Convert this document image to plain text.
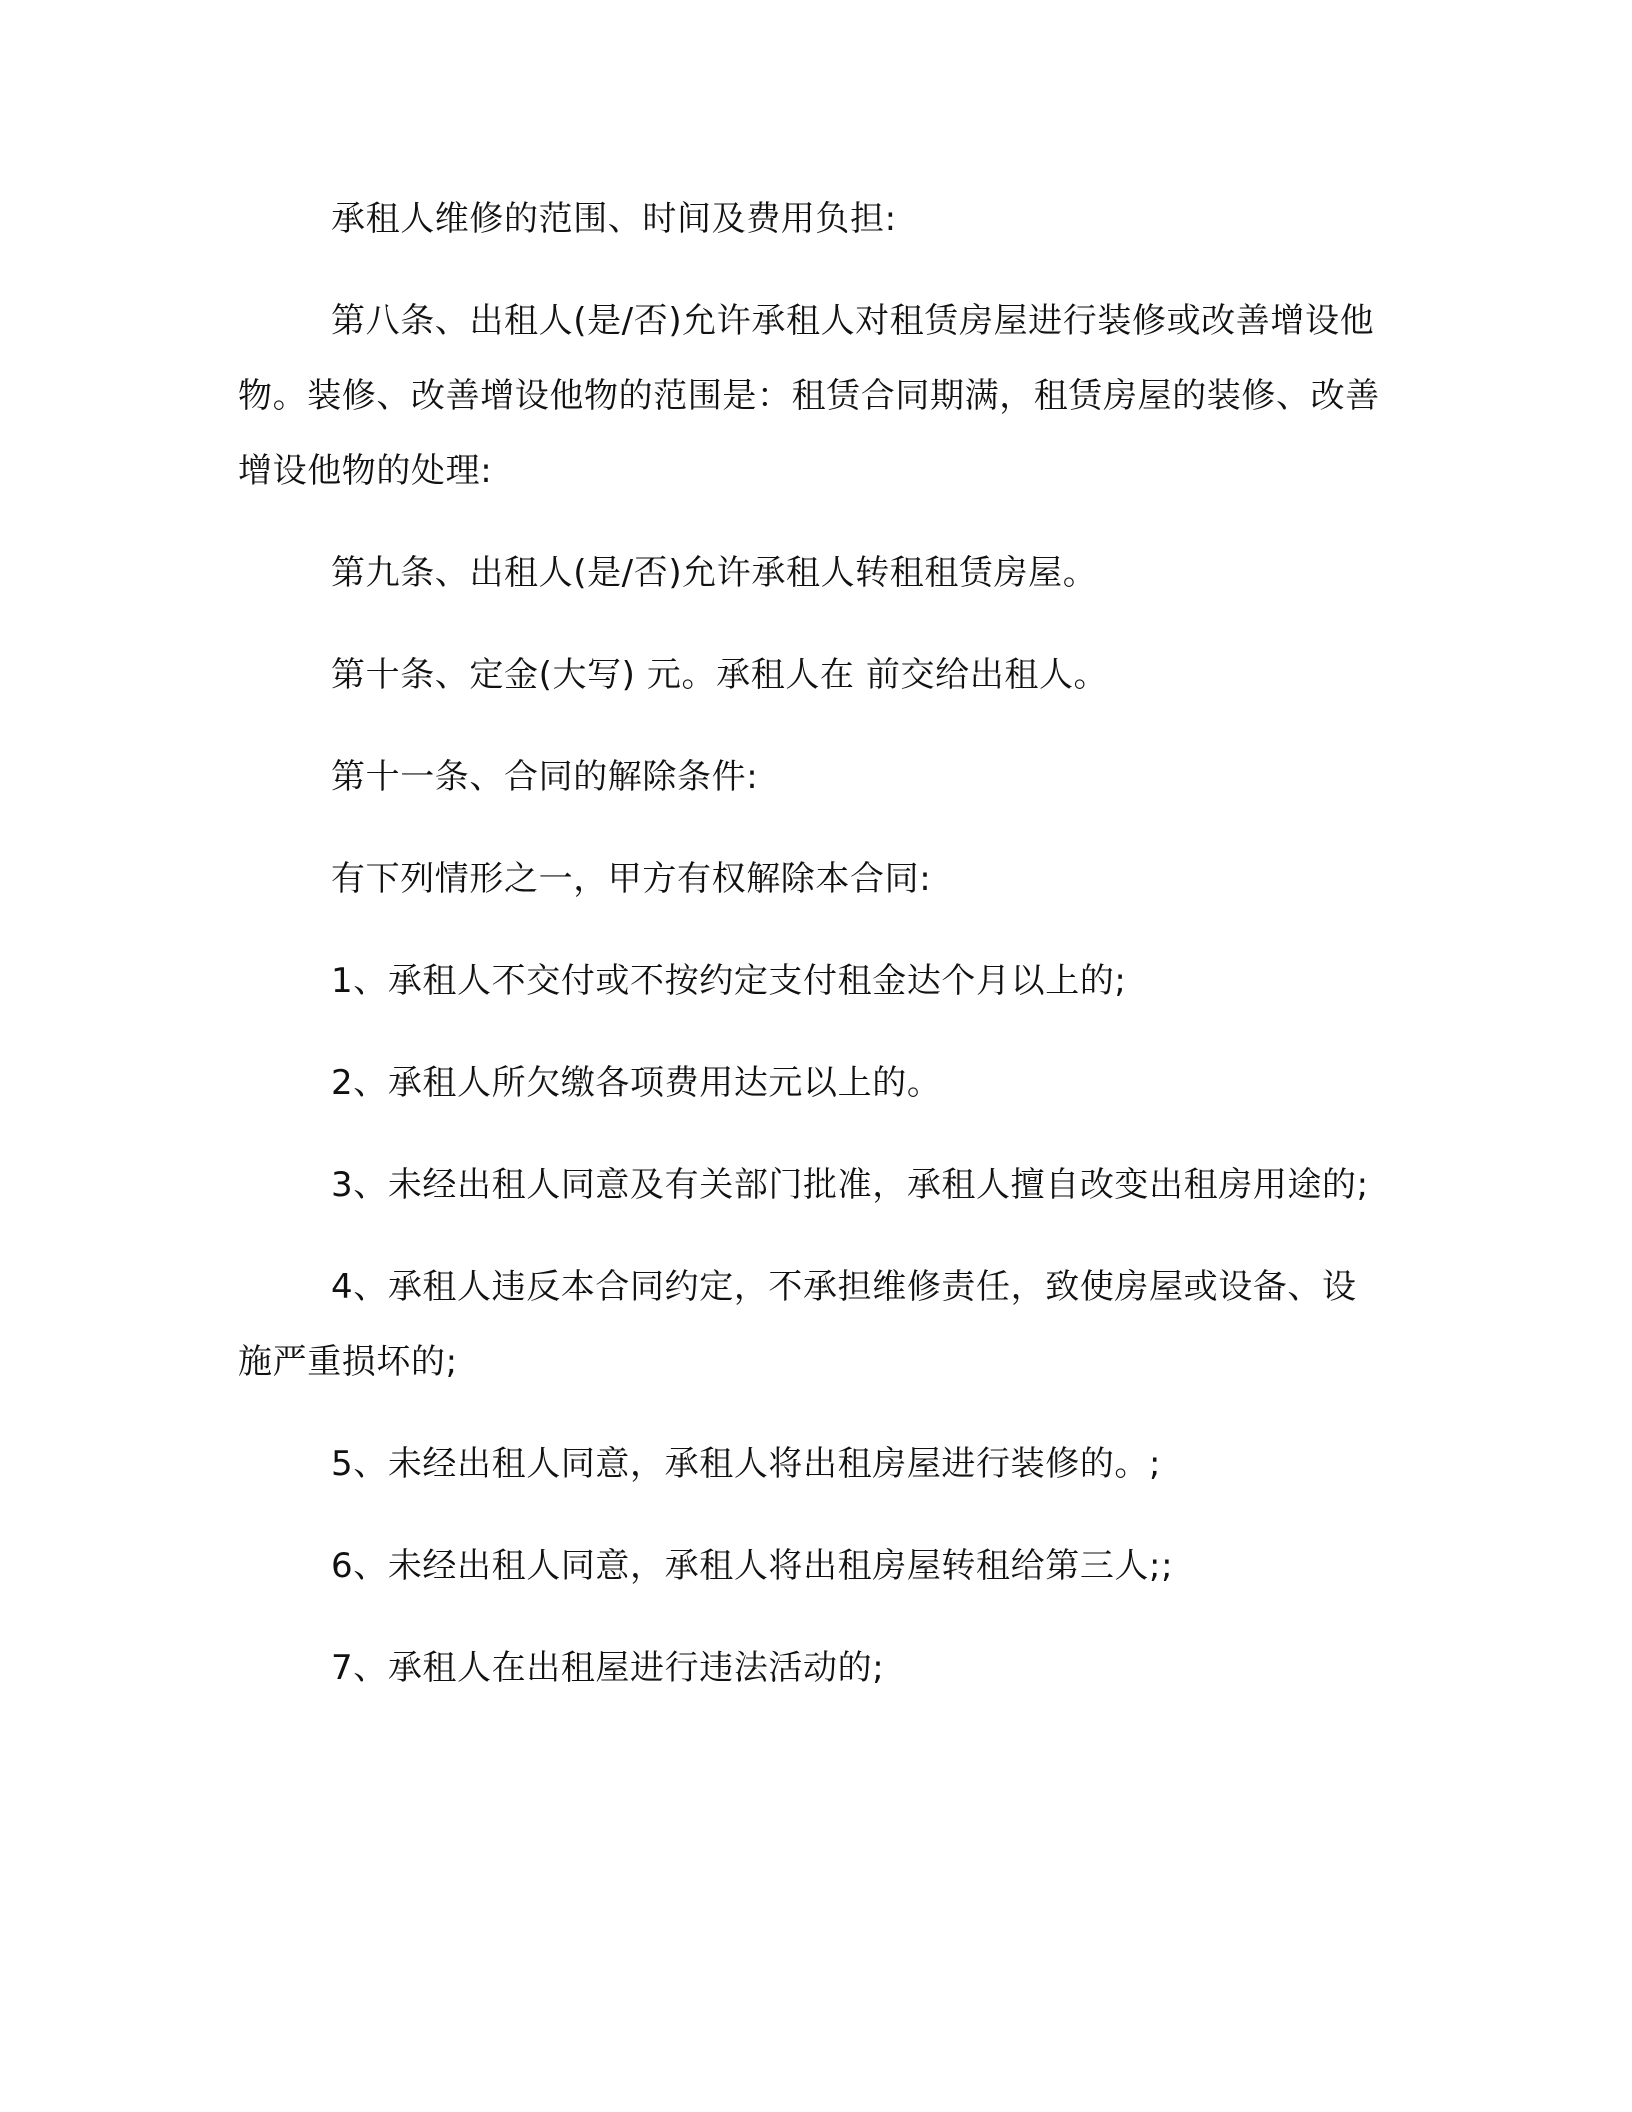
承租人维修的范围、时间及费用负担:

第八条、出租人(是/否)允许承租人对租赁房屋进行装修或改善增设他物。装修、改善增设他物的范围是：租赁合同期满，租赁房屋的装修、改善增设他物的处理:

第九条、出租人(是/否)允许承租人转租租赁房屋。

第十条、定金(大写) 元。承租人在 前交给出租人。

第十一条、合同的解除条件:

有下列情形之一，甲方有权解除本合同:

1、承租人不交付或不按约定支付租金达个月以上的;

2、承租人所欠缴各项费用达元以上的。

3、未经出租人同意及有关部门批准，承租人擅自改变出租房用途的;

4、承租人违反本合同约定，不承担维修责任，致使房屋或设备、设施严重损坏的;

5、未经出租人同意，承租人将出租房屋进行装修的。;

6、未经出租人同意，承租人将出租房屋转租给第三人;;

7、承租人在出租屋进行违法活动的;
